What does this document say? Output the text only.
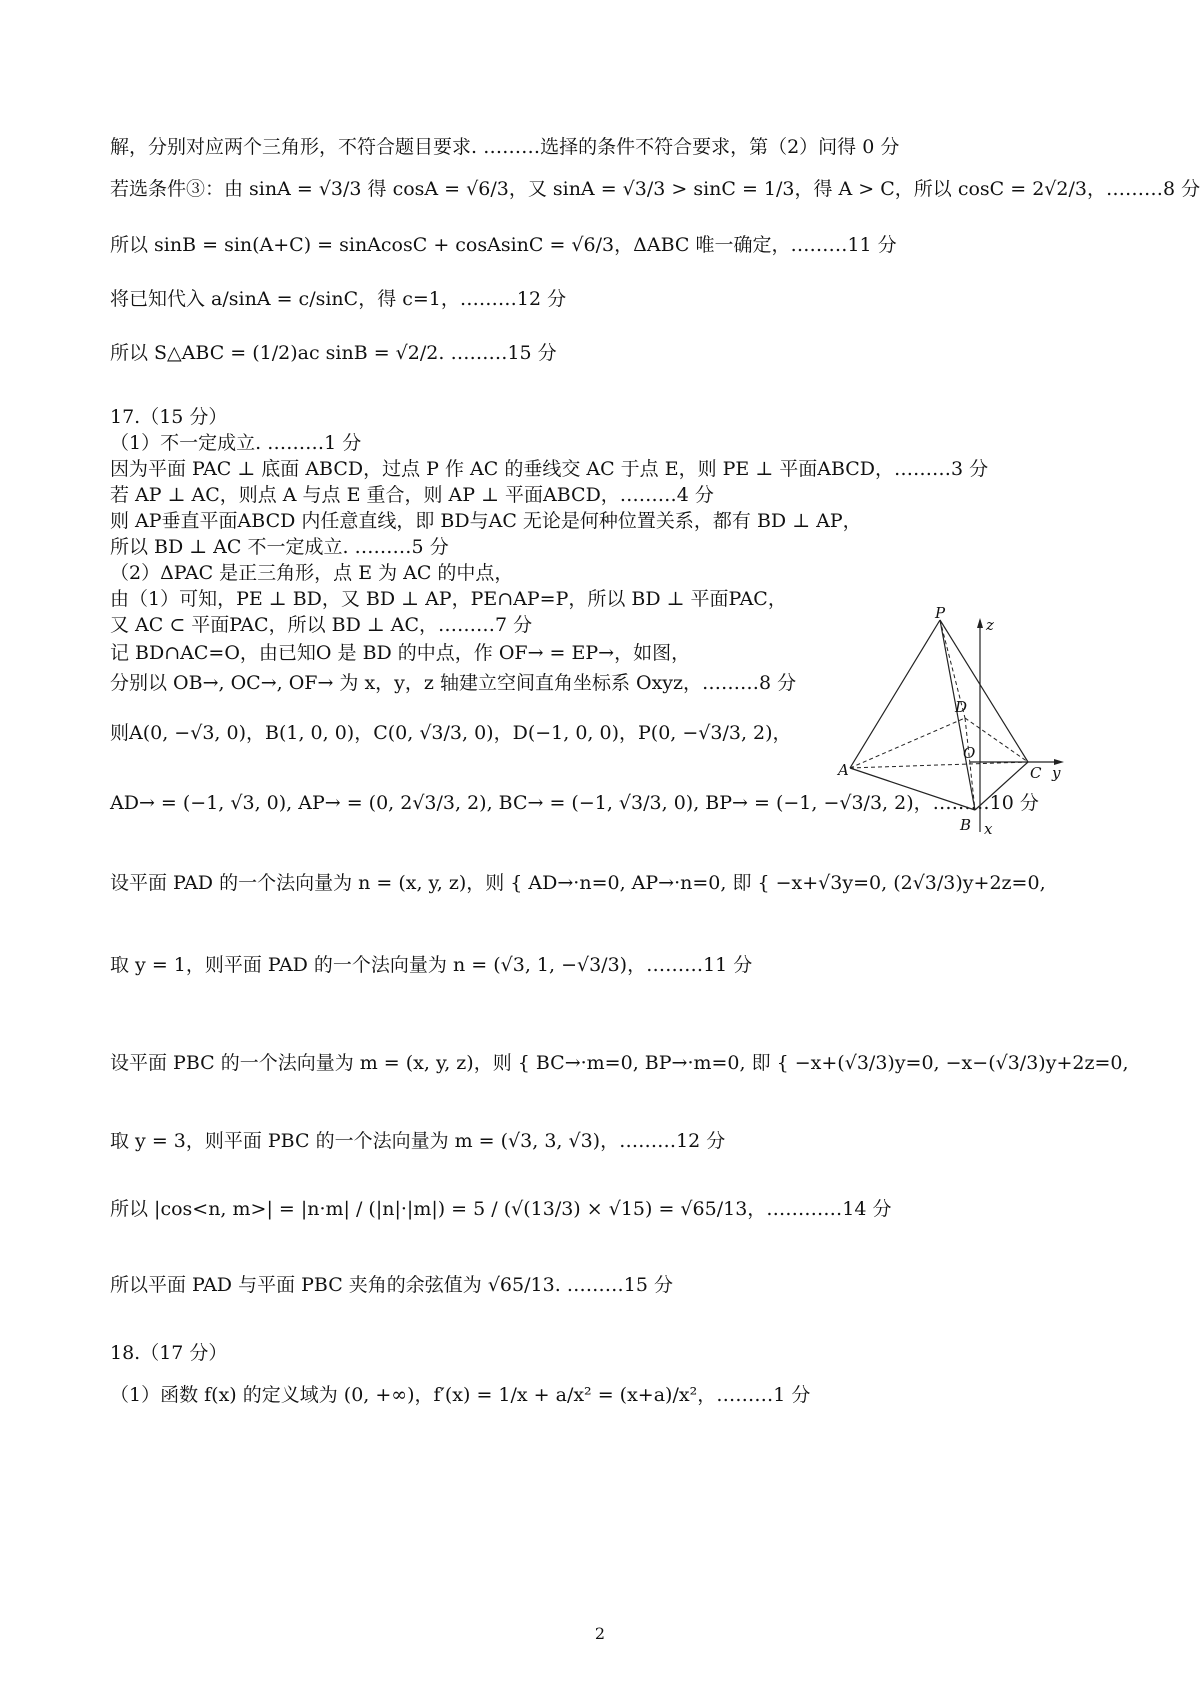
解，分别对应两个三角形，不符合题目要求. ………选择的条件不符合要求，第（2）问得 0 分
若选条件③：由 sinA = √3/3 得 cosA = √6/3，又 sinA = √3/3 > sinC = 1/3，得 A > C，所以 cosC = 2√2/3，………8 分
所以 sinB = sin(A+C) = sinAcosC + cosAsinC = √6/3，ΔABC 唯一确定，………11 分
将已知代入 a/sinA = c/sinC，得 c=1，………12 分
所以 S△ABC = (1/2)ac sinB = √2/2. ………15 分
17.（15 分）
（1）不一定成立. ………1 分
因为平面 PAC ⊥ 底面 ABCD，过点 P 作 AC 的垂线交 AC 于点 E，则 PE ⊥ 平面ABCD，………3 分
若 AP ⊥ AC，则点 A 与点 E 重合，则 AP ⊥ 平面ABCD，………4 分
则 AP垂直平面ABCD 内任意直线，即 BD与AC 无论是何种位置关系，都有 BD ⊥ AP，
所以 BD ⊥ AC 不一定成立. ………5 分
（2）ΔPAC 是正三角形，点 E 为 AC 的中点，
由（1）可知，PE ⊥ BD，又 BD ⊥ AP，PE∩AP=P，所以 BD ⊥ 平面PAC，
又 AC ⊂ 平面PAC，所以 BD ⊥ AC，………7 分
记 BD∩AC=O，由已知O 是 BD 的中点，作 OF→ = EP→，如图，
分别以 OB→, OC→, OF→ 为 x，y，z 轴建立空间直角坐标系 Oxyz，………8 分
则A(0, −√3, 0)，B(1, 0, 0)，C(0, √3/3, 0)，D(−1, 0, 0)，P(0, −√3/3, 2)，
AD→ = (−1, √3, 0), AP→ = (0, 2√3/3, 2), BC→ = (−1, √3/3, 0), BP→ = (−1, −√3/3, 2)，………10 分
设平面 PAD 的一个法向量为 n = (x, y, z)，则 { AD→·n=0, AP→·n=0, 即 { −x+√3y=0, (2√3/3)y+2z=0,
取 y = 1，则平面 PAD 的一个法向量为 n = (√3, 1, −√3/3)，………11 分
设平面 PBC 的一个法向量为 m = (x, y, z)，则 { BC→·m=0, BP→·m=0, 即 { −x+(√3/3)y=0, −x−(√3/3)y+2z=0,
取 y = 3，则平面 PBC 的一个法向量为 m = (√3, 3, √3)，………12 分
所以 |cos<n, m>| = |n·m| / (|n|·|m|) = 5 / (√(13/3) × √15) = √65/13，…………14 分
所以平面 PAD 与平面 PBC 夹角的余弦值为 √65/13. ………15 分
18.（17 分）
（1）函数 f(x) 的定义域为 (0, +∞)，f′(x) = 1/x + a/x² = (x+a)/x²，………1 分
P
z
D
O
A	C y
B x
2
